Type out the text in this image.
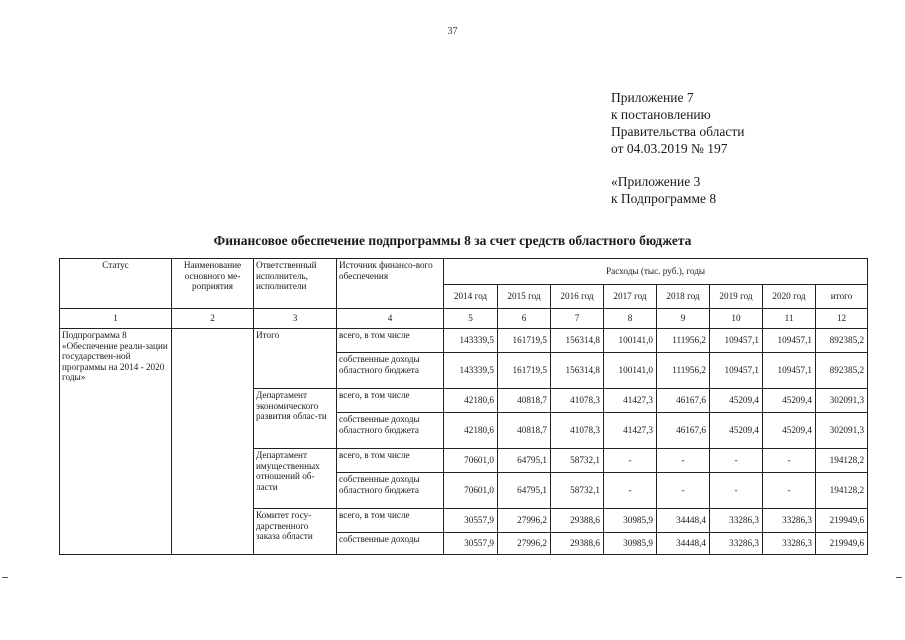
37
Приложение 7
к постановлению
Правительства области
от 04.03.2019 № 197
«Приложение 3
к Подпрограмме 8
Финансовое обеспечение подпрограммы 8 за счет средств областного бюджета
Статус	Наименование основного ме-роприятия	Ответственный исполнитель, исполнители	Источник финансо-вого обеспечения	Расходы (тыс. руб.), годы							
				2014 год	2015 год	2016 год	2017 год	2018 год	2019 год	2020 год	итого
1	2	3	4	5	6	7	8	9	10	11	12
Подпрограмма 8 «Обеспечение реали-зации государствен-ной программы на 2014 - 2020 годы»		Итого	всего, в том числе	143339,5	161719,5	156314,8	100141,0	111956,2	109457,1	109457,1	892385,2
			собственные доходы областного бюджета	143339,5	161719,5	156314,8	100141,0	111956,2	109457,1	109457,1	892385,2
		Департамент экономического развития облас-ти	всего, в том числе	42180,6	40818,7	41078,3	41427,3	46167,6	45209,4	45209,4	302091,3
			собственные доходы областного бюджета	42180,6	40818,7	41078,3	41427,3	46167,6	45209,4	45209,4	302091,3
		Департамент имущественных отношений об-ласти	всего, в том числе	70601,0	64795,1	58732,1	-	-	-	-	194128,2
			собственные доходы областного бюджета	70601,0	64795,1	58732,1	-	-	-	-	194128,2
		Комитет госу-дарственного заказа области	всего, в том числе	30557,9	27996,2	29388,6	30985,9	34448,4	33286,3	33286,3	219949,6
			собственные доходы	30557,9	27996,2	29388,6	30985,9	34448,4	33286,3	33286,3	219949,6
